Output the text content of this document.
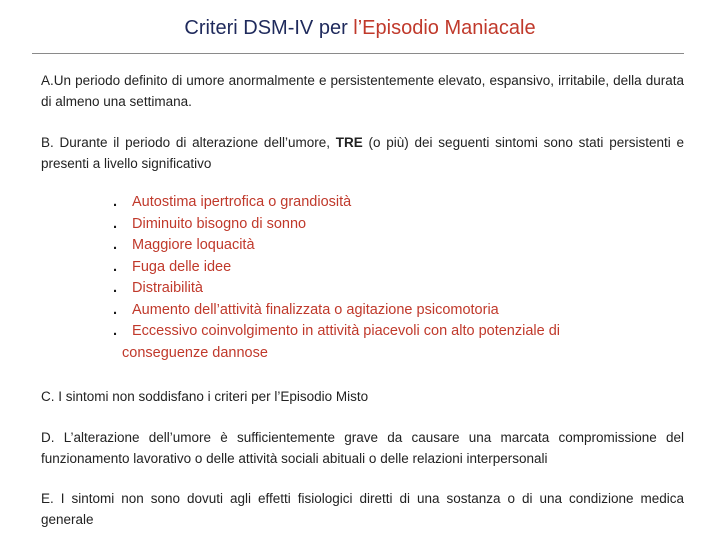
Criteri DSM-IV per l’Episodio Maniacale
A.Un periodo definito di umore anormalmente e persistentemente elevato, espansivo, irritabile, della durata di almeno una settimana.
B. Durante il periodo di alterazione dell’umore, TRE (o più) dei seguenti sintomi sono stati persistenti e presenti a livello significativo
. Autostima ipertrofica o grandiosità
. Diminuito bisogno di sonno
. Maggiore loquacità
. Fuga delle idee
. Distraibilità
. Aumento dell’attività finalizzata o agitazione psicomotoria
. Eccessivo coinvolgimento in attività piacevoli con alto potenziale di
conseguenze dannose
C. I sintomi non soddisfano i criteri per l’Episodio Misto
D. L’alterazione dell’umore è sufficientemente grave da causare una marcata compromissione del funzionamento lavorativo o delle attività sociali abituali o delle relazioni interpersonali
E. I sintomi non sono dovuti agli effetti fisiologici diretti di una sostanza o di una condizione medica generale
